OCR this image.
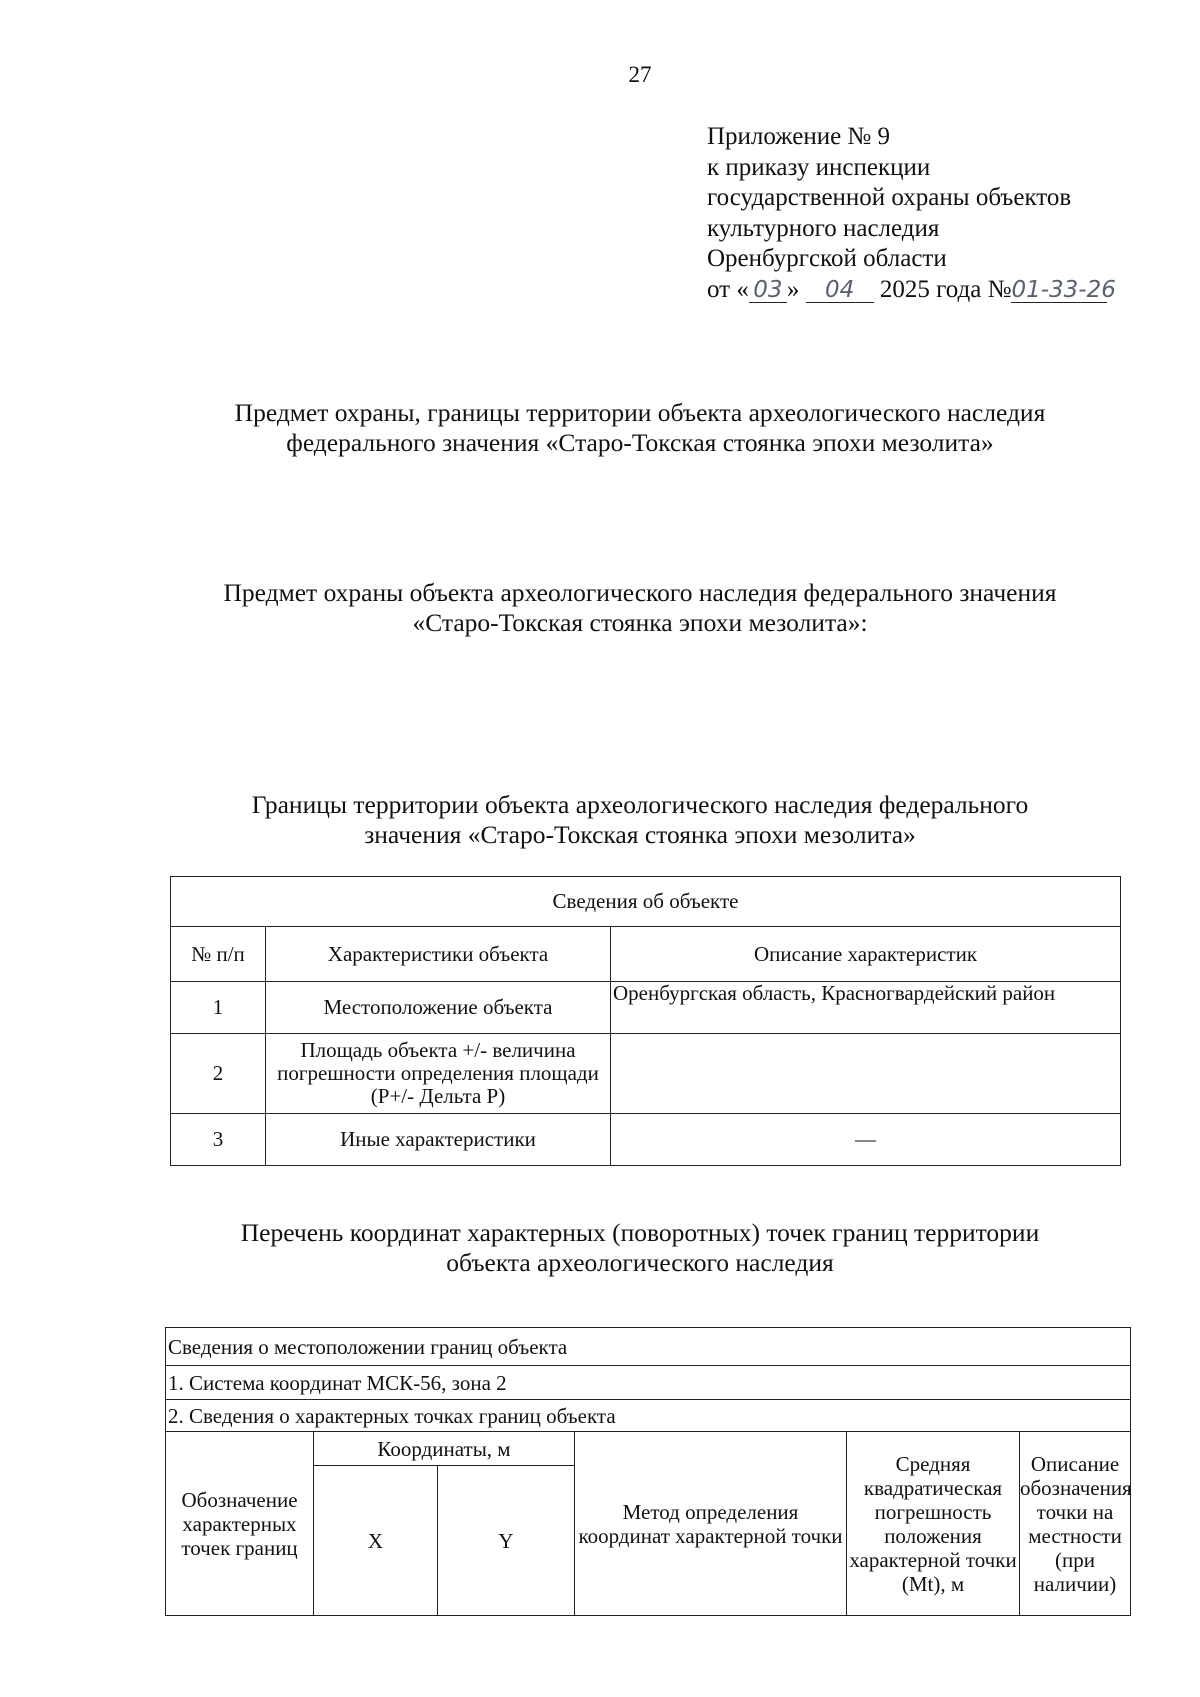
27
Приложение № 9
к приказу инспекции
государственной охраны объектов
культурного наследия
Оренбургской области
от « 03 » 04 2025 года №01-33-26
Предмет охраны, границы территории объекта археологического наследия
федерального значения «Старо-Токская стоянка эпохи мезолита»
Предмет охраны объекта археологического наследия федерального значения
«Старо-Токская стоянка эпохи мезолита»:
Границы территории объекта археологического наследия федерального
значения «Старо-Токская стоянка эпохи мезолита»
Сведения об объекте		
№ п/п	Характеристики объекта	Описание характеристик
1	Местоположение объекта	Оренбургская область, Красногвардейский район
2	Площадь объекта +/- величина погрешности определения площади (P+/- Дельта P)	
3	Иные характеристики	—
Перечень координат характерных (поворотных) точек границ территории
объекта археологического наследия
Сведения о местоположении границ объекта					
1. Система координат МСК-56, зона 2					
2. Сведения о характерных точках границ объекта					
Обозначение характерных точек границ	Координаты, м		Метод определения координат характерной точки	Средняя квадратическая погрешность положения характерной точки (Mt), м	Описание обозначения точки на местности (при наличии)
	X	Y			
